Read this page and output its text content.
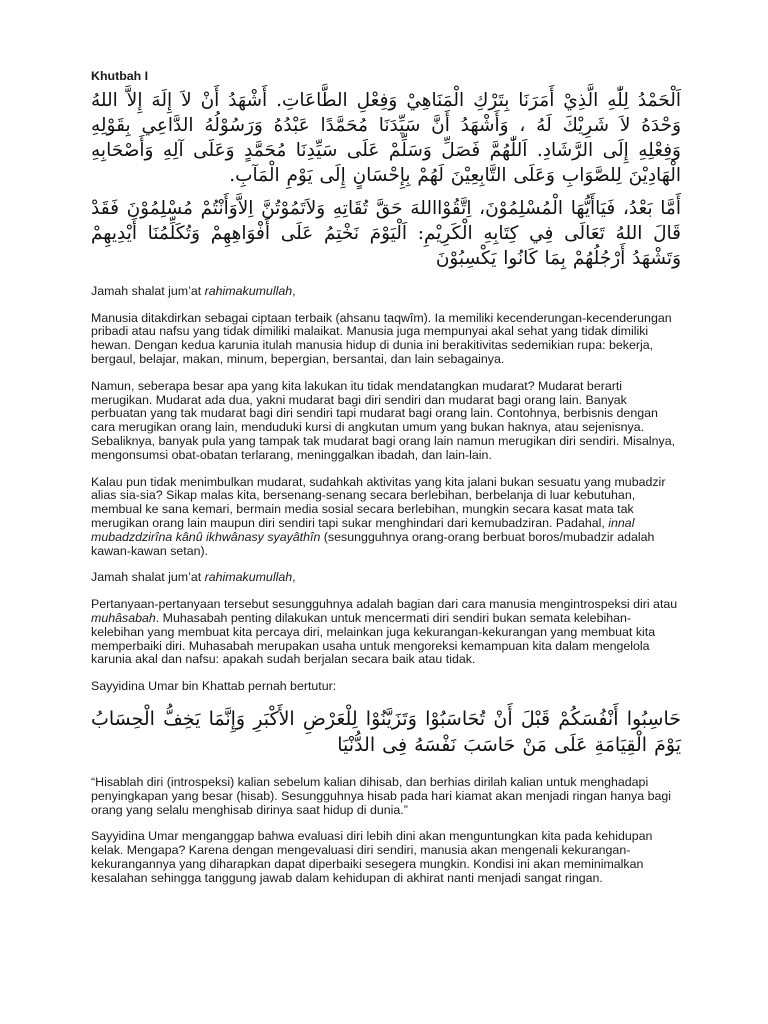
Khutbah I

اَلْحَمْدُ لِلّٰهِ الَّذِيْ أَمَرَنَا بِتَرْكِ الْمَنَاهِيْ وَفِعْلِ الطَّاعَاتِ. أَشْهَدُ أَنْ لاَ إِلَهَ إِلاَّ اللهُ وَحْدَهُ لاَ شَرِيْكَ لَهُ ، وَأَشْهَدُ أَنَّ سَيِّدَنَا مُحَمَّدًا عَبْدُهُ وَرَسُوْلُهُ الدَّاعِي بِقَوْلِهِ وَفِعْلِهِ إِلَى الرَّشَادِ. اَللّٰهُمَّ فَصَلِّ وَسَلِّمْ عَلَى سَيِّدِنَا مُحَمَّدٍ وَعَلَى آلِهِ وَأَصْحَابِهِ الْهَادِيْنَ لِلصَّوَابِ وَعَلَى التَّابِعِيْنَ لَهُمْ بِإِحْسَانٍ إِلَى يَوْمِ الْمَآبِ.

أَمَّا بَعْدُ، فَيَاأَيُّهَا الْمُسْلِمُوْنَ، اِتَّقُوْااللهَ حَقَّ تُقَاتِهِ وَلاَتَمُوْتُنَّ اِلاَّوَأَنْتُمْ مُسْلِمُوْنَ فَقَدْ قَالَ اللهُ تَعَالَى فِي كِتَابِهِ الْكَرِيْمِ: اَلْيَوْمَ نَخْتِمُ عَلَى أَفْوَاهِهِمْ وَتُكَلِّمُنَا أَيْدِيهِمْ وَتَشْهَدُ أَرْجُلُهُمْ بِمَا كَانُوا يَكْسِبُوْنَ

Jamah shalat jum’at rahimakumullah,

Manusia ditakdirkan sebagai ciptaan terbaik (ahsanu taqwîm). Ia memiliki kecenderungan-kecenderungan pribadi atau nafsu yang tidak dimiliki malaikat. Manusia juga mempunyai akal sehat yang tidak dimiliki hewan. Dengan kedua karunia itulah manusia hidup di dunia ini berakitivitas sedemikian rupa: bekerja, bergaul, belajar, makan, minum, bepergian, bersantai, dan lain sebagainya.

Namun, seberapa besar apa yang kita lakukan itu tidak mendatangkan mudarat? Mudarat berarti merugikan. Mudarat ada dua, yakni mudarat bagi diri sendiri dan mudarat bagi orang lain. Banyak perbuatan yang tak mudarat bagi diri sendiri tapi mudarat bagi orang lain. Contohnya, berbisnis dengan cara merugikan orang lain, menduduki kursi di angkutan umum yang bukan haknya, atau sejenisnya. Sebaliknya, banyak pula yang tampak tak mudarat bagi orang lain namun merugikan diri sendiri. Misalnya, mengonsumsi obat-obatan terlarang, meninggalkan ibadah, dan lain-lain.

Kalau pun tidak menimbulkan mudarat, sudahkah aktivitas yang kita jalani bukan sesuatu yang mubadzir alias sia-sia? Sikap malas kita, bersenang-senang secara berlebihan, berbelanja di luar kebutuhan, membual ke sana kemari, bermain media sosial secara berlebihan, mungkin secara kasat mata tak merugikan orang lain maupun diri sendiri tapi sukar menghindari dari kemubadziran. Padahal, innal mubadzdzirîna kânû ikhwânasy syayâthîn (sesungguhnya orang-orang berbuat boros/mubadzir adalah kawan-kawan setan).

Jamah shalat jum’at rahimakumullah,

Pertanyaan-pertanyaan tersebut sesungguhnya adalah bagian dari cara manusia mengintrospeksi diri atau muhâsabah. Muhasabah penting dilakukan untuk mencermati diri sendiri bukan semata kelebihan-kelebihan yang membuat kita percaya diri, melainkan juga kekurangan-kekurangan yang membuat kita memperbaiki diri. Muhasabah merupakan usaha untuk mengoreksi kemampuan kita dalam mengelola karunia akal dan nafsu: apakah sudah berjalan secara baik atau tidak.

Sayyidina Umar bin Khattab pernah bertutur:

حَاسِبُوا أَنْفُسَكُمْ قَبْلَ أَنْ تُحَاسَبُوْا وَتَزَيَّنُوْا لِلْعَرْضِ الأَكْبَرِ وَإِنَّمَا يَخِفُّ الْحِسَابُ يَوْمَ الْقِيَامَةِ عَلَى مَنْ حَاسَبَ نَفْسَهُ فِى الدُّنْيَا

“Hisablah diri (introspeksi) kalian sebelum kalian dihisab, dan berhias dirilah kalian untuk menghadapi penyingkapan yang besar (hisab). Sesungguhnya hisab pada hari kiamat akan menjadi ringan hanya bagi orang yang selalu menghisab dirinya saat hidup di dunia.”

Sayyidina Umar menganggap bahwa evaluasi diri lebih dini akan menguntungkan kita pada kehidupan kelak. Mengapa? Karena dengan mengevaluasi diri sendiri, manusia akan mengenali kekurangan-kekurangannya yang diharapkan dapat diperbaiki sesegera mungkin. Kondisi ini akan meminimalkan kesalahan sehingga tanggung jawab dalam kehidupan di akhirat nanti menjadi sangat ringan.
